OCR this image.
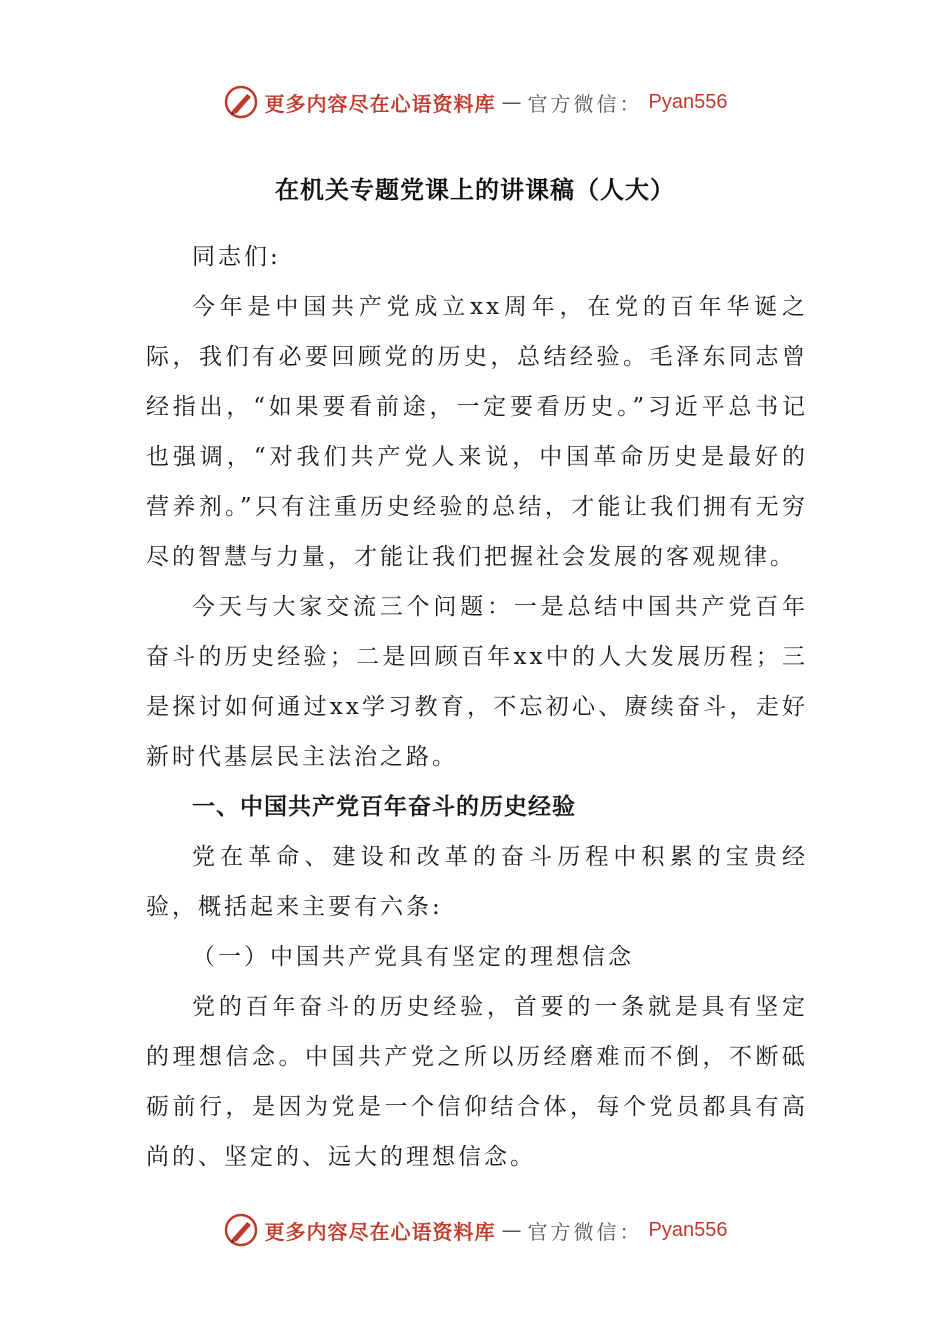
更多内容尽在心语资料库 — 官方微信： Pyan556
在机关专题党课上的讲课稿（人大）

同志们:

今年是中国共产党成立xx周年，在党的百年华诞之际，我们有必要回顾党的历史，总结经验。毛泽东同志曾经指出，“如果要看前途，一定要看历史。”习近平总书记也强调，“对我们共产党人来说，中国革命历史是最好的营养剂。”只有注重历史经验的总结，才能让我们拥有无穷尽的智慧与力量，才能让我们把握社会发展的客观规律。

今天与大家交流三个问题：一是总结中国共产党百年奋斗的历史经验；二是回顾百年xx中的人大发展历程；三是探讨如何通过xx学习教育，不忘初心、赓续奋斗，走好新时代基层民主法治之路。

一、中国共产党百年奋斗的历史经验

党在革命、建设和改革的奋斗历程中积累的宝贵经验，概括起来主要有六条:

（一）中国共产党具有坚定的理想信念

党的百年奋斗的历史经验，首要的一条就是具有坚定的理想信念。中国共产党之所以历经磨难而不倒，不断砥砺前行，是因为党是一个信仰结合体，每个党员都具有高尚的、坚定的、远大的理想信念。

更多内容尽在心语资料库 — 官方微信： Pyan556
